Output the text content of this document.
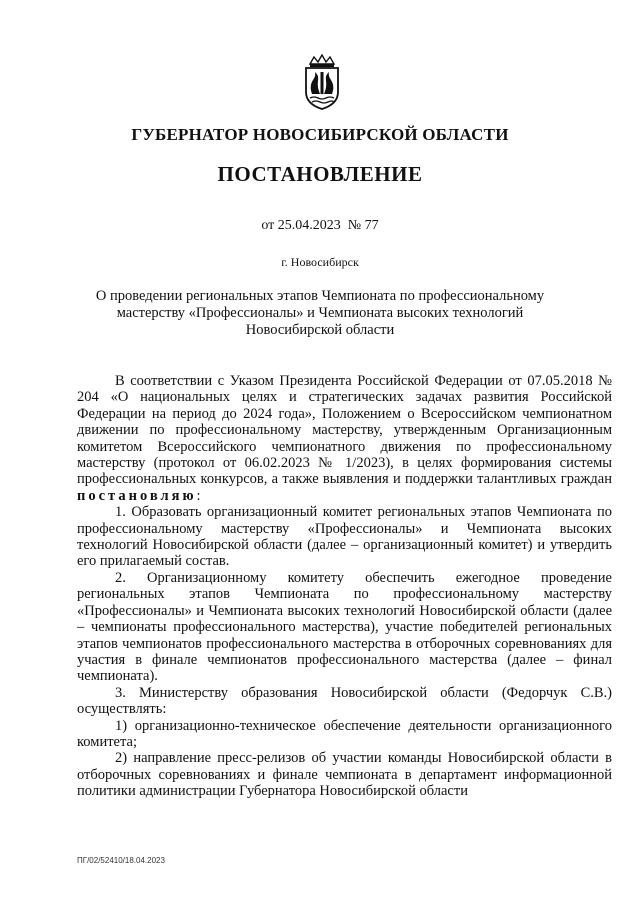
ГУБЕРНАТОР НОВОСИБИРСКОЙ ОБЛАСТИ
ПОСТАНОВЛЕНИЕ
от 25.04.2023  № 77
г. Новосибирск
О проведении региональных этапов Чемпионата по профессиональному мастерству «Профессионалы» и Чемпионата высоких технологий Новосибирской области

В соответствии с Указом Президента Российской Федерации от 07.05.2018 № 204 «О национальных целях и стратегических задачах развития Российской Федерации на период до 2024 года», Положением о Всероссийском чемпионатном движении по профессиональному мастерству, утвержденным Организационным комитетом Всероссийского чемпионатного движения по профессиональному мастерству (протокол от 06.02.2023 № 1/2023), в целях формирования системы профессиональных конкурсов, а также выявления и поддержки талантливых граждан постановляю:

1. Образовать организационный комитет региональных этапов Чемпионата по профессиональному мастерству «Профессионалы» и Чемпионата высоких технологий Новосибирской области (далее – организационный комитет) и утвердить его прилагаемый состав.

2. Организационному комитету обеспечить ежегодное проведение региональных этапов Чемпионата по профессиональному мастерству «Профессионалы» и Чемпионата высоких технологий Новосибирской области (далее – чемпионаты профессионального мастерства), участие победителей региональных этапов чемпионатов профессионального мастерства в отборочных соревнованиях для участия в финале чемпионатов профессионального мастерства (далее – финал чемпионата).

3. Министерству образования Новосибирской области (Федорчук С.В.) осуществлять:

1) организационно-техническое обеспечение деятельности организационного комитета;

2) направление пресс-релизов об участии команды Новосибирской области в отборочных соревнованиях и финале чемпионата в департамент информационной политики администрации Губернатора Новосибирской области

ПГ/02/52410/18.04.2023
